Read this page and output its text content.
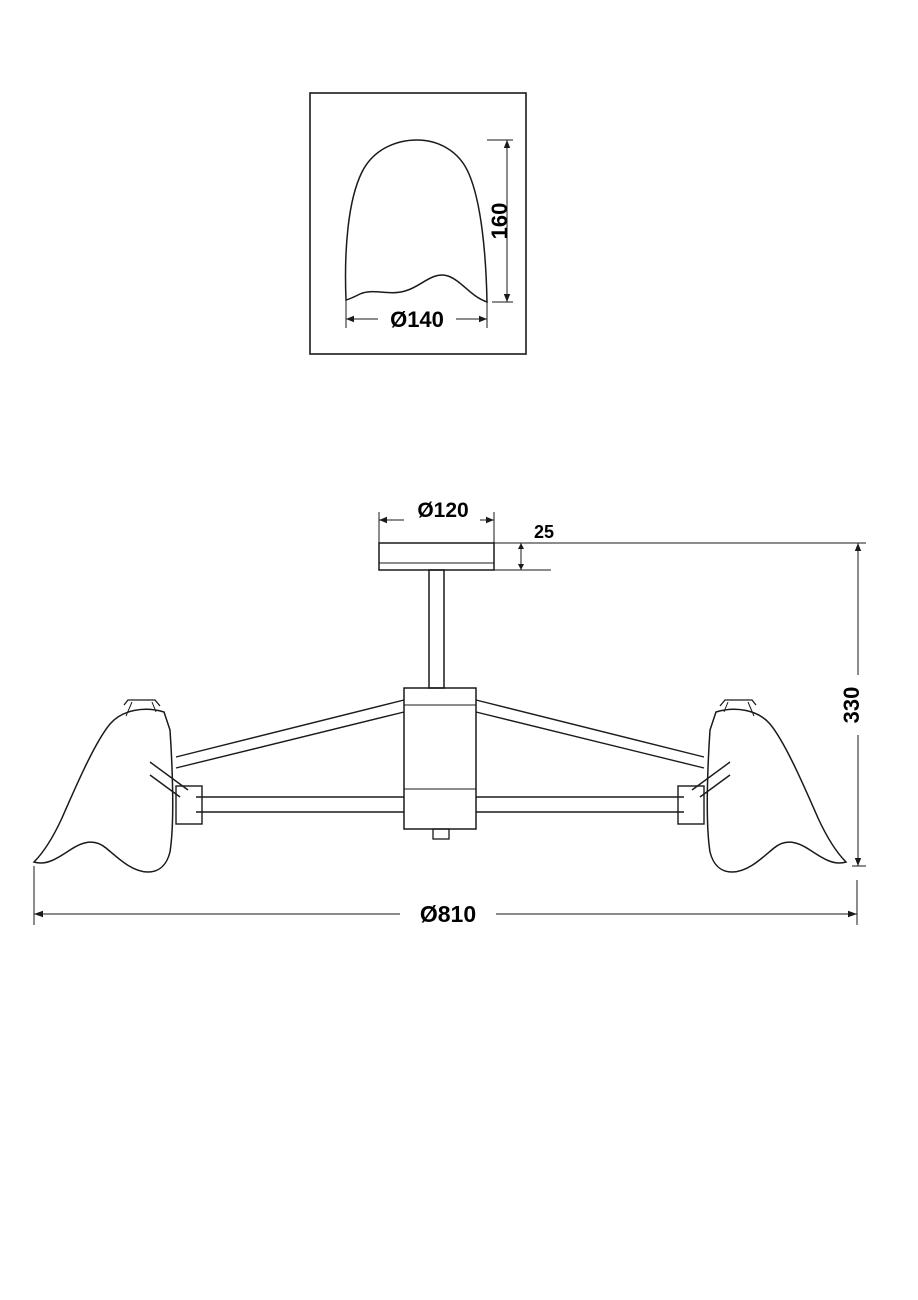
160
Ø140
Ø120
25
330
Ø810
